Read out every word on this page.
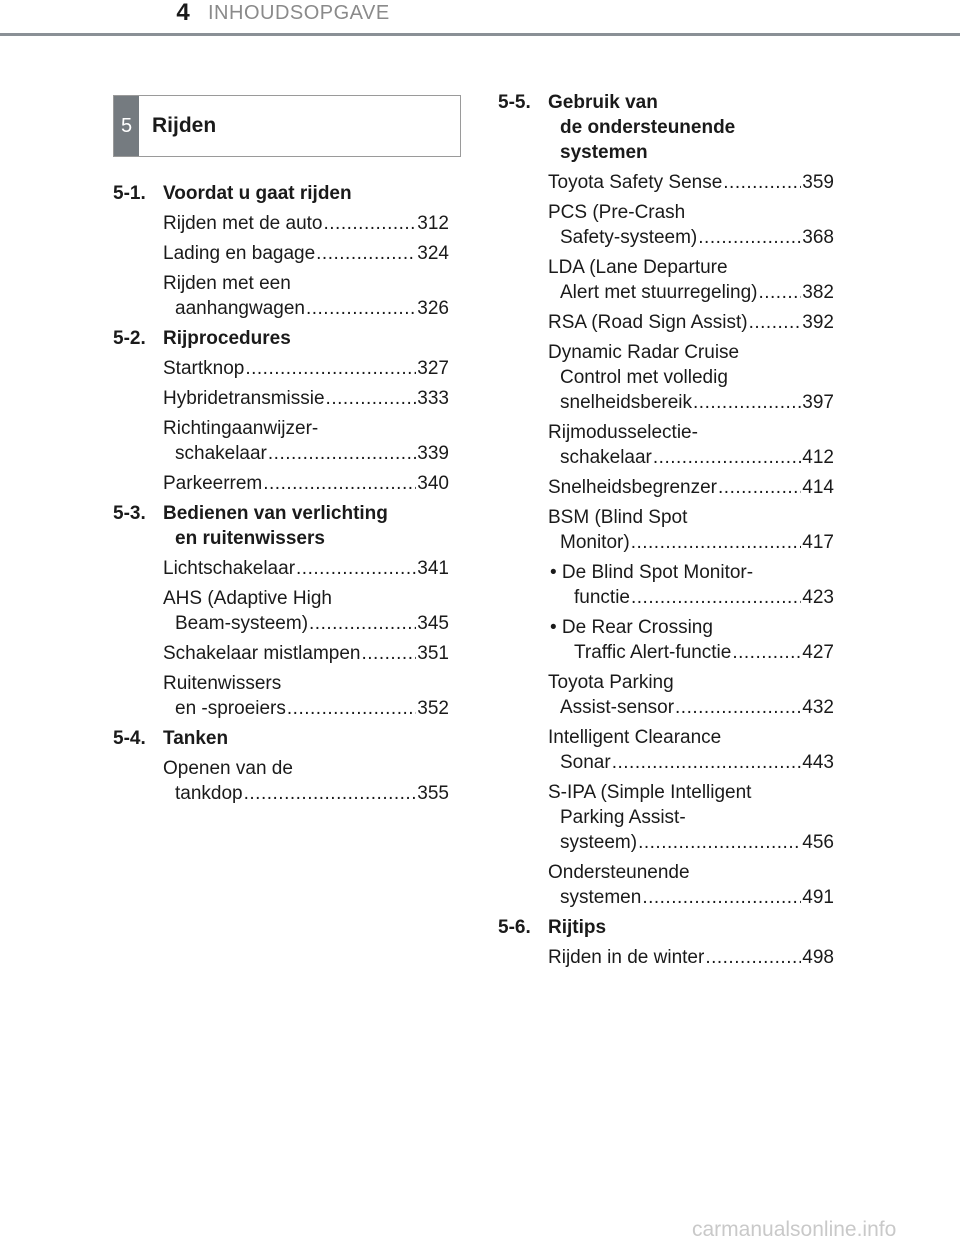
4 INHOUDSOPGAVE
5 Rijden
5-1. Voordat u gaat rijden
Rijden met de auto .....	312
Lading en bagage .....	324
Rijden met een
aanhangwagen .....	326
5-2. Rijprocedures
Startknop .....	327
Hybridetransmissie .....	333
Richtingaanwijzer-
schakelaar .....	339
Parkeerrem .....	340
5-3. Bedienen van verlichting
en ruitenwissers
Lichtschakelaar .....	341
AHS (Adaptive High
Beam-systeem) .....	345
Schakelaar mistlampen .....	351
Ruitenwissers
en -sproeiers .....	352
5-4. Tanken
Openen van de
tankdop .....	355
5-5. Gebruik van
de ondersteunende
systemen
Toyota Safety Sense .....	359
PCS (Pre-Crash
Safety-systeem) .....	368
LDA (Lane Departure
Alert met stuurregeling) ..... 382
RSA (Road Sign Assist) .....	392
Dynamic Radar Cruise
Control met volledig
snelheidsbereik .....	397
Rijmodusselectie-
schakelaar .....	412
Snelheidsbegrenzer .....	414
BSM (Blind Spot
Monitor) .....	417
• De Blind Spot Monitor-
functie .....	423
• De Rear Crossing
Traffic Alert-functie .....	427
Toyota Parking
Assist-sensor .....	432
Intelligent Clearance
Sonar .....	443
S-IPA (Simple Intelligent
Parking Assist-
systeem) .....	456
Ondersteunende
systemen .....	491
5-6. Rijtips
Rijden in de winter .....	498
carmanualsonline.info
